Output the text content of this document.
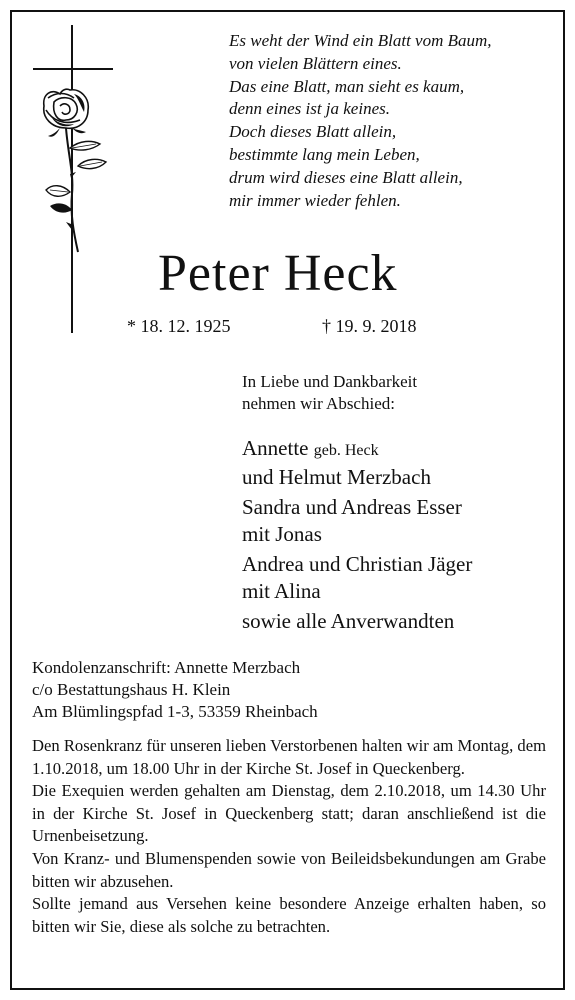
Es weht der Wind ein Blatt vom Baum,
von vielen Blättern eines.
Das eine Blatt, man sieht es kaum,
denn eines ist ja keines.
Doch dieses Blatt allein,
bestimmte lang mein Leben,
drum wird dieses eine Blatt allein,
mir immer wieder fehlen.
Peter Heck
* 18. 12. 1925	† 19. 9. 2018
In Liebe und Dankbarkeit
nehmen wir Abschied:
Annette geb. Heck
und Helmut Merzbach
Sandra und Andreas Esser
mit Jonas
Andrea und Christian Jäger
mit Alina
sowie alle Anverwandten
Kondolenzanschrift: Annette Merzbach
c/o Bestattungshaus H. Klein
Am Blümlingspfad 1-3, 53359 Rheinbach

Den Rosenkranz für unseren lieben Verstorbenen halten wir am Montag, dem 1.10.2018, um 18.00 Uhr in der Kirche St. Josef in Queckenberg.

Die Exequien werden gehalten am Dienstag, dem 2.10.2018, um 14.30 Uhr in der Kirche St. Josef in Queckenberg statt; daran anschließend ist die Urnenbeisetzung.

Von Kranz- und Blumenspenden sowie von Beileidsbekundungen am Grabe bitten wir abzusehen.

Sollte jemand aus Versehen keine besondere Anzeige erhalten haben, so bitten wir Sie, diese als solche zu betrachten.
